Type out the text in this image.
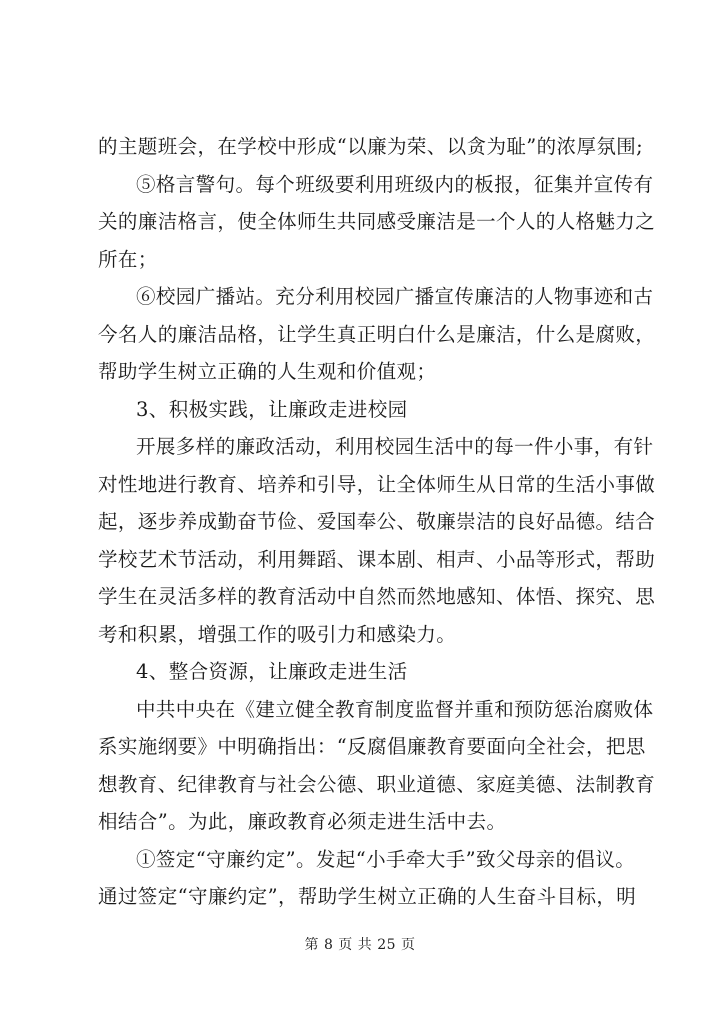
的主题班会，在学校中形成“以廉为荣、以贪为耻”的浓厚氛围;
⑤格言警句。每个班级要利用班级内的板报，征集并宣传有
关的廉洁格言，使全体师生共同感受廉洁是一个人的人格魅力之
所在；
⑥校园广播站。充分利用校园广播宣传廉洁的人物事迹和古
今名人的廉洁品格，让学生真正明白什么是廉洁，什么是腐败，
帮助学生树立正确的人生观和价值观；
3、积极实践，让廉政走进校园
开展多样的廉政活动，利用校园生活中的每一件小事，有针
对性地进行教育、培养和引导，让全体师生从日常的生活小事做
起，逐步养成勤奋节俭、爱国奉公、敬廉崇洁的良好品德。结合
学校艺术节活动，利用舞蹈、课本剧、相声、小品等形式，帮助
学生在灵活多样的教育活动中自然而然地感知、体悟、探究、思
考和积累，增强工作的吸引力和感染力。
4、整合资源，让廉政走进生活
中共中央在《建立健全教育制度监督并重和预防惩治腐败体
系实施纲要》中明确指出：“反腐倡廉教育要面向全社会，把思
想教育、纪律教育与社会公德、职业道德、家庭美德、法制教育
相结合”。为此，廉政教育必须走进生活中去。
①签定“守廉约定”。发起“小手牵大手”致父母亲的倡议。
通过签定“守廉约定”，帮助学生树立正确的人生奋斗目标，明
第 8 页 共 25 页
